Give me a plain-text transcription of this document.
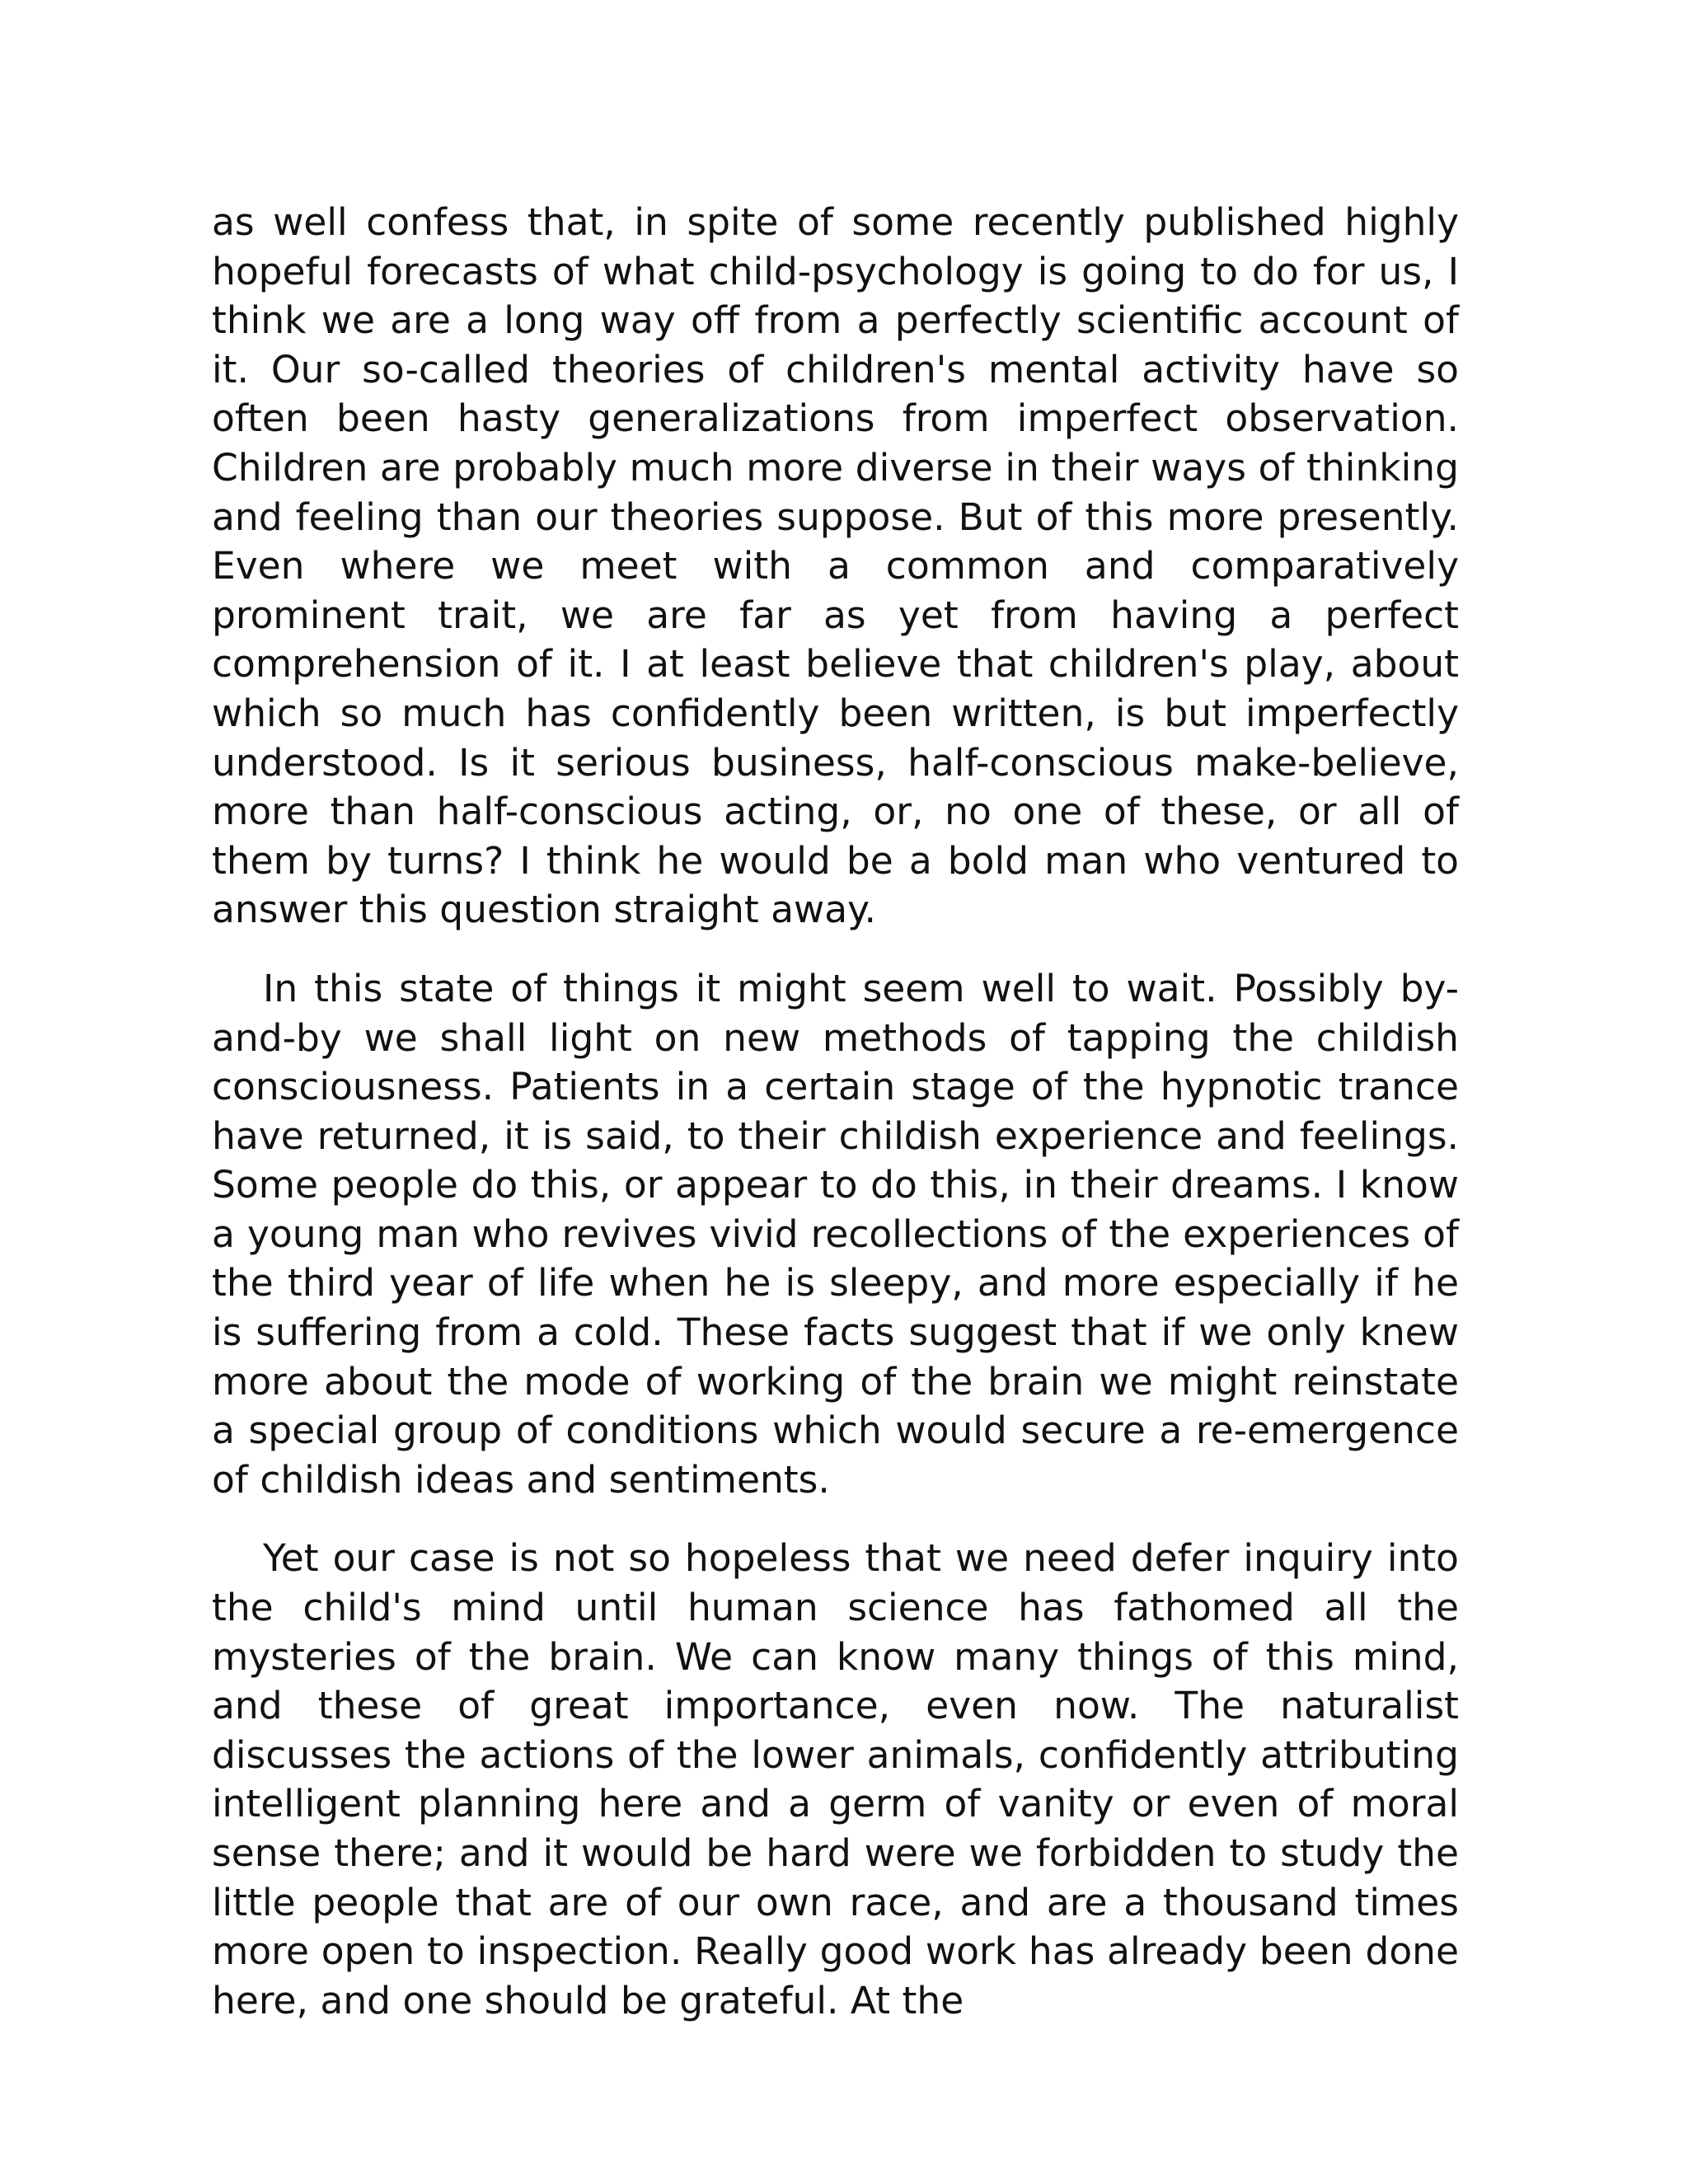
as well confess that, in spite of some recently published highly hopeful forecasts of what child-psychology is going to do for us, I think we are a long way off from a perfectly scientific account of it. Our so-called theories of children's mental activity have so often been hasty generalizations from imperfect observation. Children are probably much more diverse in their ways of thinking and feeling than our theories suppose. But of this more presently. Even where we meet with a common and comparatively prominent trait, we are far as yet from having a perfect comprehension of it. I at least believe that children's play, about which so much has confidently been written, is but imperfectly understood. Is it serious business, half-conscious make-believe, more than half-conscious acting, or, no one of these, or all of them by turns? I think he would be a bold man who ventured to answer this question straight away.

In this state of things it might seem well to wait. Possibly by-and-by we shall light on new methods of tapping the childish consciousness. Patients in a certain stage of the hypnotic trance have returned, it is said, to their childish experience and feelings. Some people do this, or appear to do this, in their dreams. I know a young man who revives vivid recollections of the experiences of the third year of life when he is sleepy, and more especially if he is suffering from a cold. These facts suggest that if we only knew more about the mode of working of the brain we might reinstate a special group of conditions which would secure a re-emergence of childish ideas and sentiments.

Yet our case is not so hopeless that we need defer inquiry into the child's mind until human science has fathomed all the mysteries of the brain. We can know many things of this mind, and these of great importance, even now. The naturalist discusses the actions of the lower animals, confidently attributing intelligent planning here and a germ of vanity or even of moral sense there; and it would be hard were we forbidden to study the little people that are of our own race, and are a thousand times more open to inspection. Really good work has already been done here, and one should be grateful. At the
